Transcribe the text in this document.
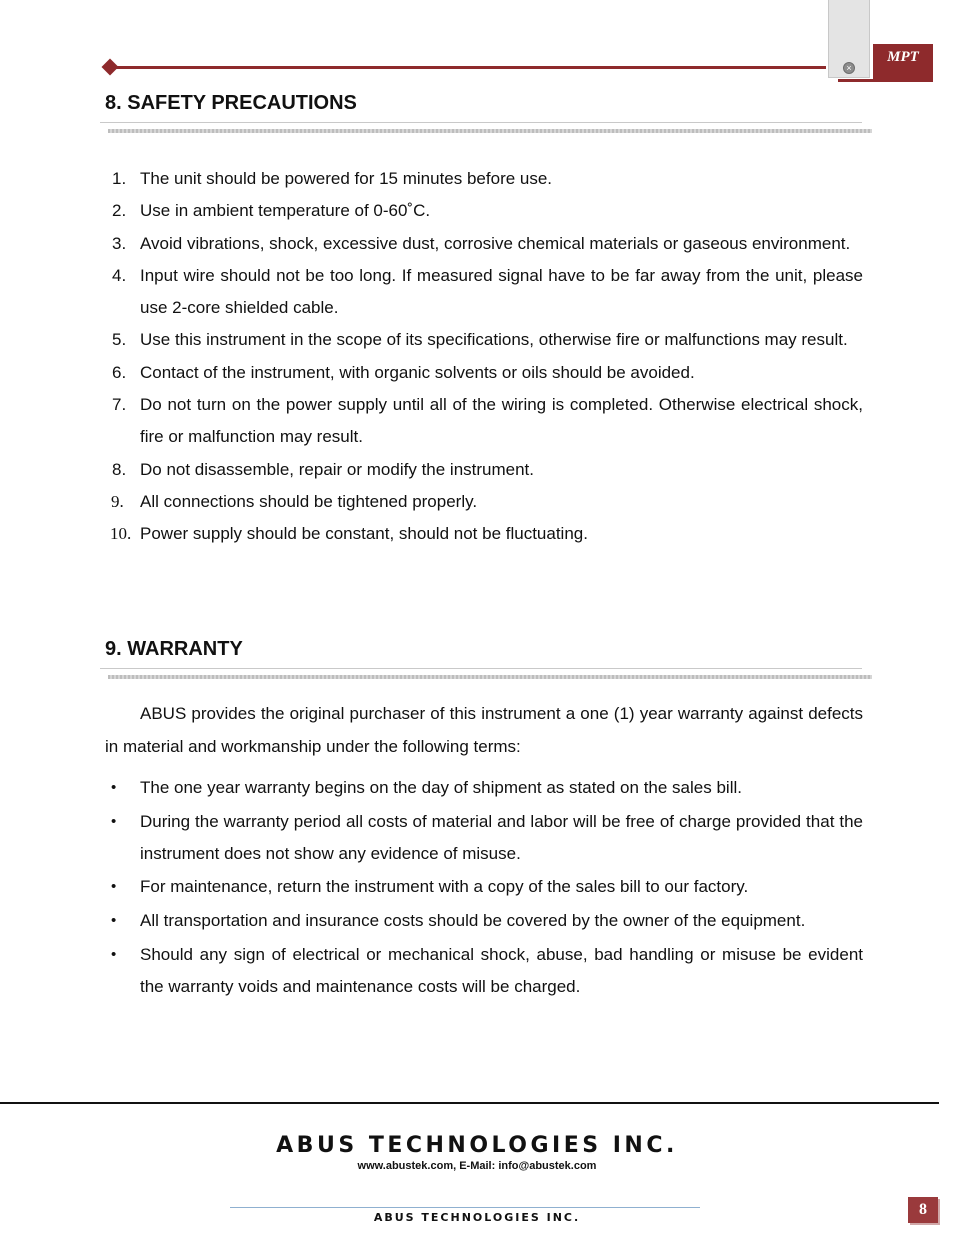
×
MPT
8. SAFETY PRECAUTIONS
1. The unit should be powered for 15 minutes before use.
2. Use in ambient temperature of 0-60˚C.
3. Avoid vibrations, shock, excessive dust, corrosive chemical materials or gaseous environment.
4. Input wire should not be too long. If measured signal have to be far away from the unit, please use 2-core shielded cable.
5. Use this instrument in the scope of its specifications, otherwise fire or malfunctions may result.
6. Contact of the instrument, with organic solvents or oils should be avoided.
7. Do not turn on the power supply until all of the wiring is completed. Otherwise electrical shock, fire or malfunction may result.
8. Do not disassemble, repair or modify the instrument.
9. All connections should be tightened properly.
10. Power supply should be constant, should not be fluctuating.
9. WARRANTY

ABUS provides the original purchaser of this instrument a one (1) year warranty against defects in material and workmanship under the following terms:

• The one year warranty begins on the day of shipment as stated on the sales bill.
• During the warranty period all costs of material and labor will be free of charge provided that the instrument does not show any evidence of misuse.
• For maintenance, return the instrument with a copy of the sales bill to our factory.
• All transportation and insurance costs should be covered by the owner of the equipment.
• Should any sign of electrical or mechanical shock, abuse, bad handling or misuse be evident the warranty voids and maintenance costs will be charged.
ABUS TECHNOLOGIES INC.
www.abustek.com, E-Mail: info@abustek.com
ABUS TECHNOLOGIES INC.	8
